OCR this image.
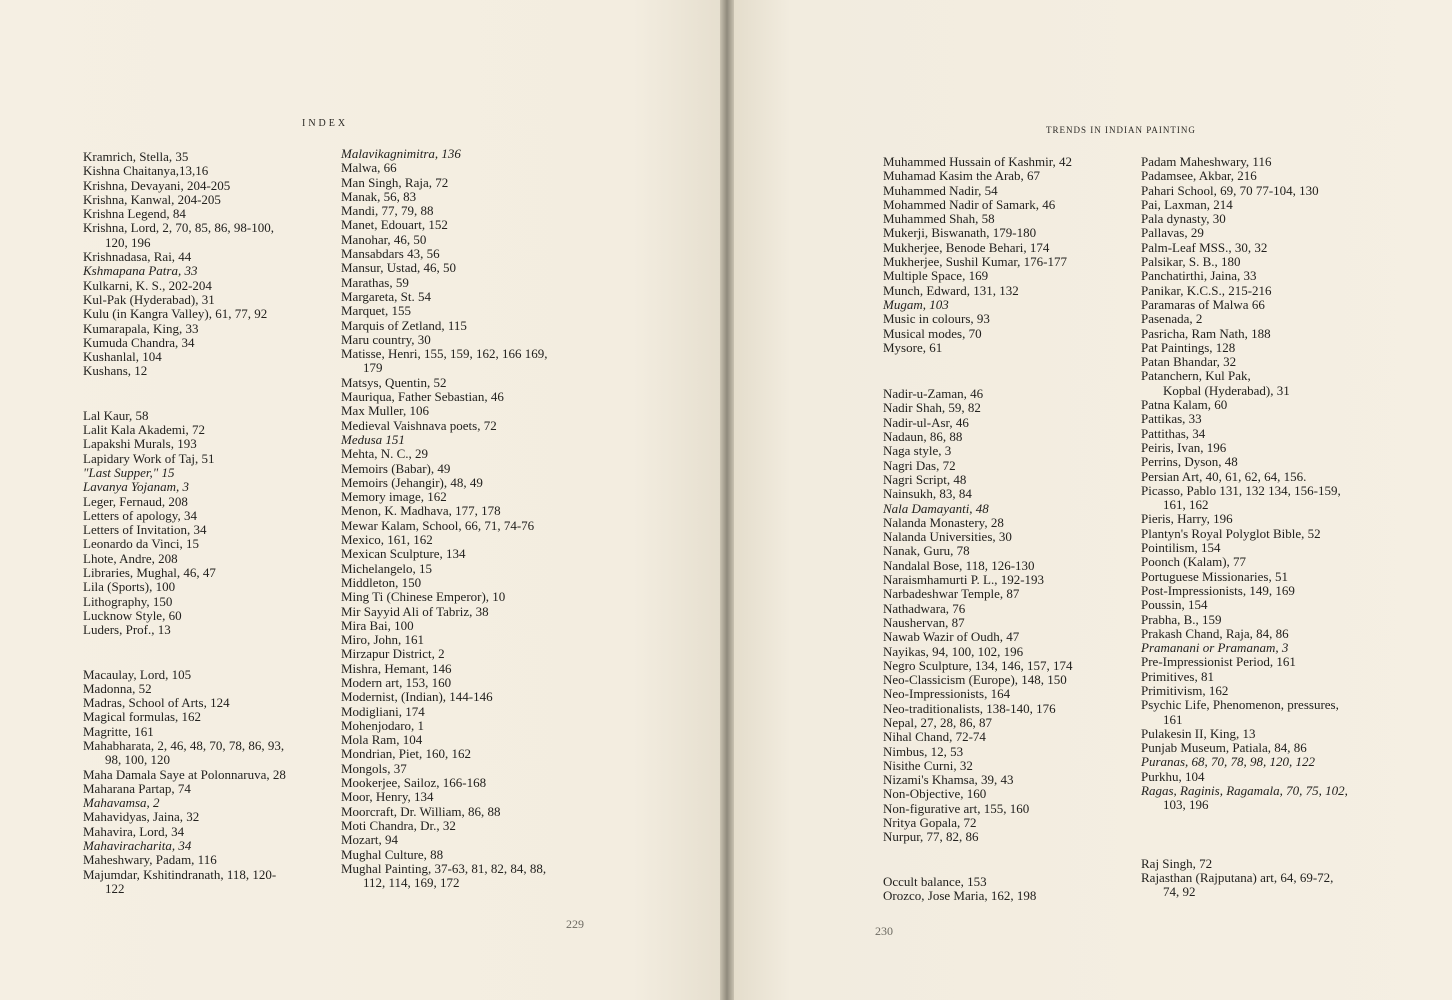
INDEX
Kramrich, Stella, 35
Kishna Chaitanya,13,16
Krishna, Devayani, 204-205
Krishna, Kanwal, 204-205
Krishna Legend, 84
Krishna, Lord, 2, 70, 85, 86, 98-100,
120, 196
Krishnadasa, Rai, 44
Kshmapana Patra, 33
Kulkarni, K. S., 202-204
Kul-Pak (Hyderabad), 31
Kulu (in Kangra Valley), 61, 77, 92
Kumarapala, King, 33
Kumuda Chandra, 34
Kushanlal, 104
Kushans, 12
Lal Kaur, 58
Lalit Kala Akademi, 72
Lapakshi Murals, 193
Lapidary Work of Taj, 51
"Last Supper," 15
Lavanya Yojanam, 3
Leger, Fernaud, 208
Letters of apology, 34
Letters of Invitation, 34
Leonardo da Vinci, 15
Lhote, Andre, 208
Libraries, Mughal, 46, 47
Lila (Sports), 100
Lithography, 150
Lucknow Style, 60
Luders, Prof., 13
Macaulay, Lord, 105
Madonna, 52
Madras, School of Arts, 124
Magical formulas, 162
Magritte, 161
Mahabharata, 2, 46, 48, 70, 78, 86, 93,
98, 100, 120
Maha Damala Saye at Polonnaruva, 28
Maharana Partap, 74
Mahavamsa, 2
Mahavidyas, Jaina, 32
Mahavira, Lord, 34
Mahaviracharita, 34
Maheshwary, Padam, 116
Majumdar, Kshitindranath, 118, 120-
122
Malavikagnimitra, 136
Malwa, 66
Man Singh, Raja, 72
Manak, 56, 83
Mandi, 77, 79, 88
Manet, Edouart, 152
Manohar, 46, 50
Mansabdars 43, 56
Mansur, Ustad, 46, 50
Marathas, 59
Margareta, St. 54
Marquet, 155
Marquis of Zetland, 115
Maru country, 30
Matisse, Henri, 155, 159, 162, 166 169,
179
Matsys, Quentin, 52
Mauriqua, Father Sebastian, 46
Max Muller, 106
Medieval Vaishnava poets, 72
Medusa 151
Mehta, N. C., 29
Memoirs (Babar), 49
Memoirs (Jehangir), 48, 49
Memory image, 162
Menon, K. Madhava, 177, 178
Mewar Kalam, School, 66, 71, 74-76
Mexico, 161, 162
Mexican Sculpture, 134
Michelangelo, 15
Middleton, 150
Ming Ti (Chinese Emperor), 10
Mir Sayyid Ali of Tabriz, 38
Mira Bai, 100
Miro, John, 161
Mirzapur District, 2
Mishra, Hemant, 146
Modern art, 153, 160
Modernist, (Indian), 144-146
Modigliani, 174
Mohenjodaro, 1
Mola Ram, 104
Mondrian, Piet, 160, 162
Mongols, 37
Mookerjee, Sailoz, 166-168
Moor, Henry, 134
Moorcraft, Dr. William, 86, 88
Moti Chandra, Dr., 32
Mozart, 94
Mughal Culture, 88
Mughal Painting, 37-63, 81, 82, 84, 88,
112, 114, 169, 172
229
TRENDS IN INDIAN PAINTING
Muhammed Hussain of Kashmir, 42
Muhamad Kasim the Arab, 67
Muhammed Nadir, 54
Mohammed Nadir of Samark, 46
Muhammed Shah, 58
Mukerji, Biswanath, 179-180
Mukherjee, Benode Behari, 174
Mukherjee, Sushil Kumar, 176-177
Multiple Space, 169
Munch, Edward, 131, 132
Mugam, 103
Music in colours, 93
Musical modes, 70
Mysore, 61
Nadir-u-Zaman, 46
Nadir Shah, 59, 82
Nadir-ul-Asr, 46
Nadaun, 86, 88
Naga style, 3
Nagri Das, 72
Nagri Script, 48
Nainsukh, 83, 84
Nala Damayanti, 48
Nalanda Monastery, 28
Nalanda Universities, 30
Nanak, Guru, 78
Nandalal Bose, 118, 126-130
Naraismhamurti P. L., 192-193
Narbadeshwar Temple, 87
Nathadwara, 76
Naushervan, 87
Nawab Wazir of Oudh, 47
Nayikas, 94, 100, 102, 196
Negro Sculpture, 134, 146, 157, 174
Neo-Classicism (Europe), 148, 150
Neo-Impressionists, 164
Neo-traditionalists, 138-140, 176
Nepal, 27, 28, 86, 87
Nihal Chand, 72-74
Nimbus, 12, 53
Nisithe Curni, 32
Nizami's Khamsa, 39, 43
Non-Objective, 160
Non-figurative art, 155, 160
Nritya Gopala, 72
Nurpur, 77, 82, 86
Occult balance, 153
Orozco, Jose Maria, 162, 198
Padam Maheshwary, 116
Padamsee, Akbar, 216
Pahari School, 69, 70 77-104, 130
Pai, Laxman, 214
Pala dynasty, 30
Pallavas, 29
Palm-Leaf MSS., 30, 32
Palsikar, S. B., 180
Panchatirthi, Jaina, 33
Panikar, K.C.S., 215-216
Paramaras of Malwa 66
Pasenada, 2
Pasricha, Ram Nath, 188
Pat Paintings, 128
Patan Bhandar, 32
Patanchern, Kul Pak,
Kopbal (Hyderabad), 31
Patna Kalam, 60
Pattikas, 33
Pattithas, 34
Peiris, Ivan, 196
Perrins, Dyson, 48
Persian Art, 40, 61, 62, 64, 156.
Picasso, Pablo 131, 132 134, 156-159,
161, 162
Pieris, Harry, 196
Plantyn's Royal Polyglot Bible, 52
Pointilism, 154
Poonch (Kalam), 77
Portuguese Missionaries, 51
Post-Impressionists, 149, 169
Poussin, 154
Prabha, B., 159
Prakash Chand, Raja, 84, 86
Pramanani or Pramanam, 3
Pre-Impressionist Period, 161
Primitives, 81
Primitivism, 162
Psychic Life, Phenomenon, pressures,
161
Pulakesin II, King, 13
Punjab Museum, Patiala, 84, 86
Puranas, 68, 70, 78, 98, 120, 122
Purkhu, 104
Ragas, Raginis, Ragamala, 70, 75, 102,
103, 196
Raj Singh, 72
Rajasthan (Rajputana) art, 64, 69-72,
74, 92
230
